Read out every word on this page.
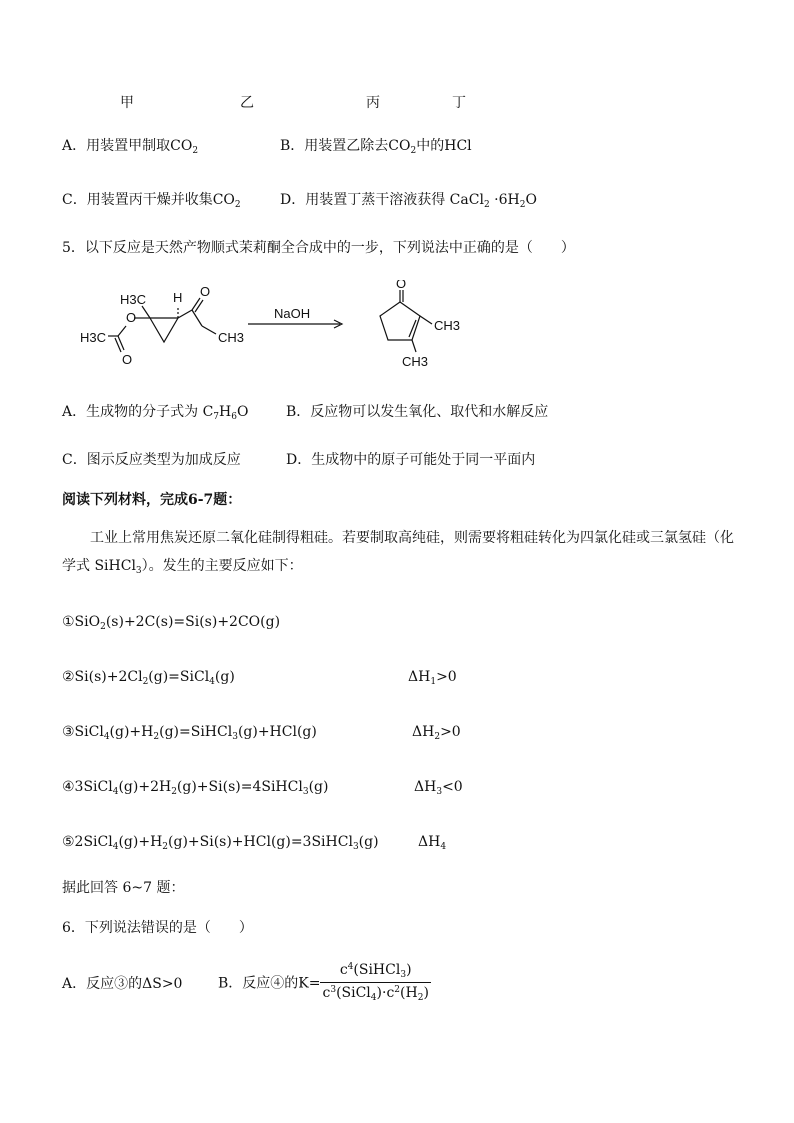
甲	乙	丙	丁
A．用装置甲制取$CO_2$	B．用装置乙除去$CO_2$中的HCl
C．用装置丙干燥并收集$CO_2$	D．用装置丁蒸干溶液获得 CaCl$_2$ $\cdot 6H_2O$
5．以下反应是天然产物顺式茉莉酮全合成中的一步，下列说法中正确的是（　　）
H3C H
O
O
O
H3C	CH3
NaOH
O
CH3
CH3
A．生成物的分子式为 $C_7H_6O$	B．反应物可以发生氧化、取代和水解反应
C．图示反应类型为加成反应	D．生成物中的原子可能处于同一平面内
阅读下列材料，完成6-7题：
工业上常用焦炭还原二氧化硅制得粗硅。若要制取高纯硅，则需要将粗硅转化为四氯化硅或三氯氢硅（化
学式 SiHCl$_3$）。发生的主要反应如下：
①SiO$_2$(s)+2C(s)=Si(s)+2CO(g)
$②Si(s)+2Cl_2(g)=SiCl_4(g)$	$\Delta H_1>0$
$③SiCl_4(g)+H_2(g)=SiHCl_3(g)+HCl(g)$	$\Delta H_2>0$
$④3SiCl_4(g)+2H_2(g)+Si(s)=4SiHCl_3(g)$	$\Delta H_3<0$
$⑤2SiCl_4(g)+H_2(g)+Si(s)+HCl(g)=3SiHCl_3(g)$	$\Delta H_4$
据此回答 6~7 题：
6．下列说法错误的是（　　）
A．反应③的ΔS>0	B．反应④的$K= \frac{c^4(SiHCl_3)}{c^3(SiCl_4)\cdot c^2(H_2)}$
